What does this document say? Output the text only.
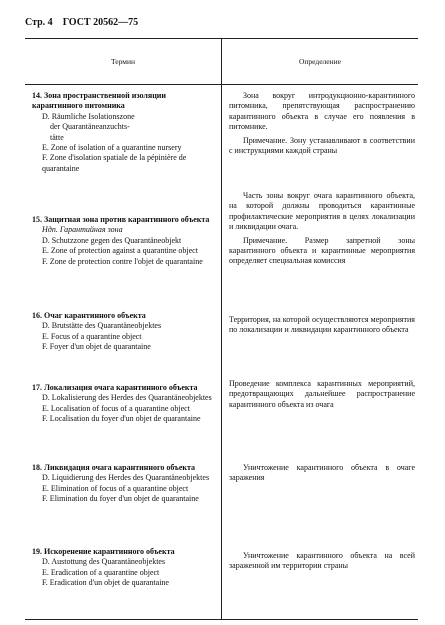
Стр. 4 ГОСТ 20562—75
Термин	Определение
14. Зона пространственной изоляции карантинного питомника
D. Räumliche Isolationszone
der Quarantäneanzuchts-
tätte
E. Zone of isolation of a quarantine nursery
F. Zone d'isolation spatiale de la pépinière de quarantaine
Зона вокруг интродукционно-карантинного питомника, препятствующая распространению карантинного объекта в случае его появления в питомнике.
Примечание. Зону устанавливают в соответствии с инструкциями каждой страны
15. Защитная зона против карантинного объекта
Ндп. Гарантийная зона
D. Schutzzone gegen des Quarantäneobjekt
E. Zone of protection against a quarantine object
F. Zone de protection contre l'objet de quarantaine
Часть зоны вокруг очага карантинного объекта, на которой должны проводиться карантинные профилактические мероприятия в целях локализации и ликвидации очага.
Примечание. Размер запретной зоны карантинного объекта и карантинные мероприятия определяет специальная комиссия
16. Очаг карантинного объекта
D. Brutstätte des Quarantäneobjektes
E. Focus of a quarantine object
F. Foyer d'un objet de quarantaine
Территория, на которой осуществляются мероприятия по локализации и ликвидации карантинного объекта
17. Локализация очага карантинного объекта
D. Lokalisierung des Herdes des Quarantäneobjektes
E. Localisation of focus of a quarantine object
F. Localisation du foyer d'un objet de quarantaine
Проведение комплекса карантинных мероприятий, предотвращающих дальнейшее распространение карантинного объекта из очага
18. Ликвидация очага карантинного объекта
D. Liquidierung des Herdes des Quarantäneobjektes
E. Elimination of focus of a quarantine object
F. Elimination du foyer d'un objet de quarantaine
Уничтожение карантинного объекта в очаге заражения
19. Искоренение карантинного объекта
D. Austottung des Quarantäneobjektes
E. Eradication of a quarantine object
F. Eradication d'un objet de quarantaine
Уничтожение карантинного объекта на всей зараженной им территории страны
